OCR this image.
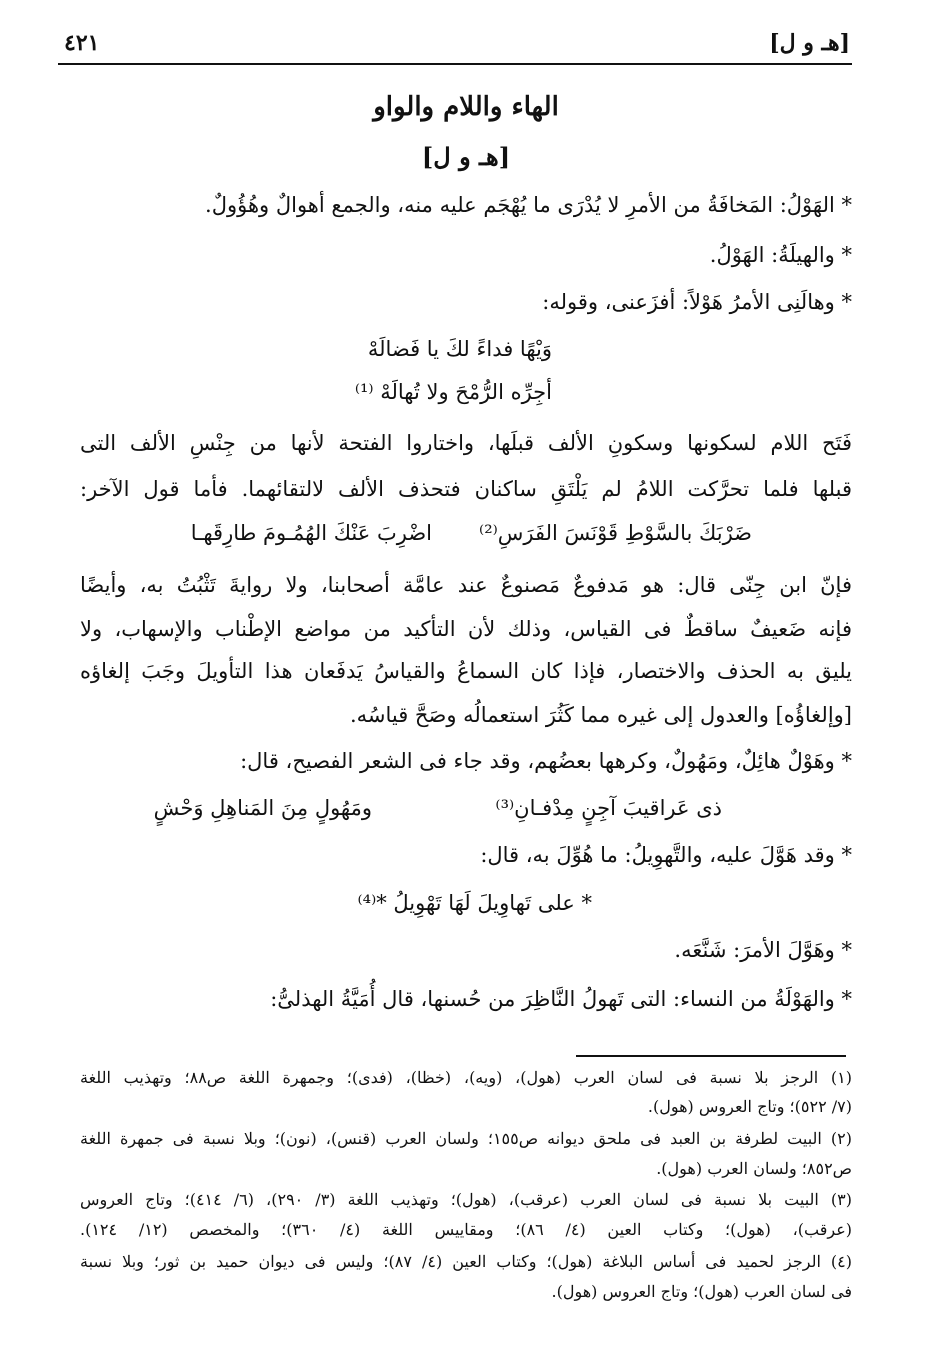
[هـ و ل]
٤٢١
الهاء واللام والواو
[هـ و ل]
* الهَوْلُ: المَخافَةُ من الأمرِ لا يُدْرَى ما يُهْجَم عليه منه، والجمع أهوالٌ وهُؤُولٌ.
* والهيلَةُ: الهَوْلُ.
* وهالَنِى الأمرُ هَوْلاً: أفزَعنى، وقوله:
وَيْهًا فداءً لكَ يا فَضالَهْ
أجِرِّه الرُّمْحَ ولا تُهالَهْ ⁽¹⁾
فَتَح اللام لسكونها وسكونِ الألف قبلَها، واختاروا الفتحة لأنها من جِنْسِ الألف التى
قبلها فلما تحرَّكت اللامُ لم يَلْتَقِ ساكنان فتحذف الألف لالتقائهما. فأما قول الآخر:
اضْرِبَ عَنْكَ الهُمُـومَ طارِقَهـا ضَرْبَكَ بالسَّوْطِ قَوْنَسَ الفَرَسِ⁽²⁾
فإنّ ابن جِنّى قال: هو مَدفوعٌ مَصنوعٌ عند عامَّة أصحابنا، ولا روايةَ تَثْبُتُ به، وأيضًا
فإنه ضَعيفٌ ساقطٌ فى القياس، وذلك لأن التأكيد من مواضع الإطْناب والإسهاب، ولا
يليق به الحذف والاختصار، فإذا كان السماعُ والقياسُ يَدفَعان هذا التأويلَ وجَبَ إلغاؤه
[وإلغاؤُه] والعدول إلى غيره مما كَثُرَ استعمالُه وصَحَّ قياسُه.
* وهَوْلٌ هائِلٌ، ومَهُولٌ، وكرهها بعضُهم، وقد جاء فى الشعر الفصيح، قال:
ومَهُولٍ مِنَ المَناهِلِ وَحْشٍ	ذى عَراقيبَ آجِنٍ مِدْفـانِ⁽³⁾
* وقد هَوَّلَ عليه، والتَّهوِيلُ: ما هُوِّلَ به، قال:
* على تَهاوِيلَ لَهَا تَهْوِيلُ *⁽⁴⁾
* وهَوَّلَ الأمرَ: شَنَّعَه.
* والهَوْلَةُ من النساء: التى تَهولُ النَّاظِرَ من حُسنها، قال أُمَيَّةُ الهذلىُّ:
(١) الرجز بلا نسبة فى لسان العرب (هول)، (ويه)، (خظا)، (فدى)؛ وجمهرة اللغة ص٨٨؛ وتهذيب اللغة
(٧/ ٥٢٢)؛ وتاج العروس (هول).
(٢) البيت لطرفة بن العبد فى ملحق ديوانه ص١٥٥؛ ولسان العرب (قنس)، (نون)؛ وبلا نسبة فى جمهرة اللغة
ص٨٥٢؛ ولسان العرب (هول).
(٣) البيت بلا نسبة فى لسان العرب (عرقب)، (هول)؛ وتهذيب اللغة (٣/ ٢٩٠)، (٦/ ٤١٤)؛ وتاج العروس
(عرقب)، (هول)؛ وكتاب العين (٤/ ٨٦)؛ ومقاييس اللغة (٤/ ٣٦٠)؛ والمخصص (١٢/ ١٢٤).
(٤) الرجز لحميد فى أساس البلاغة (هول)؛ وكتاب العين (٤/ ٨٧)؛ وليس فى ديوان حميد بن ثور؛ وبلا نسبة
فى لسان العرب (هول)؛ وتاج العروس (هول).
